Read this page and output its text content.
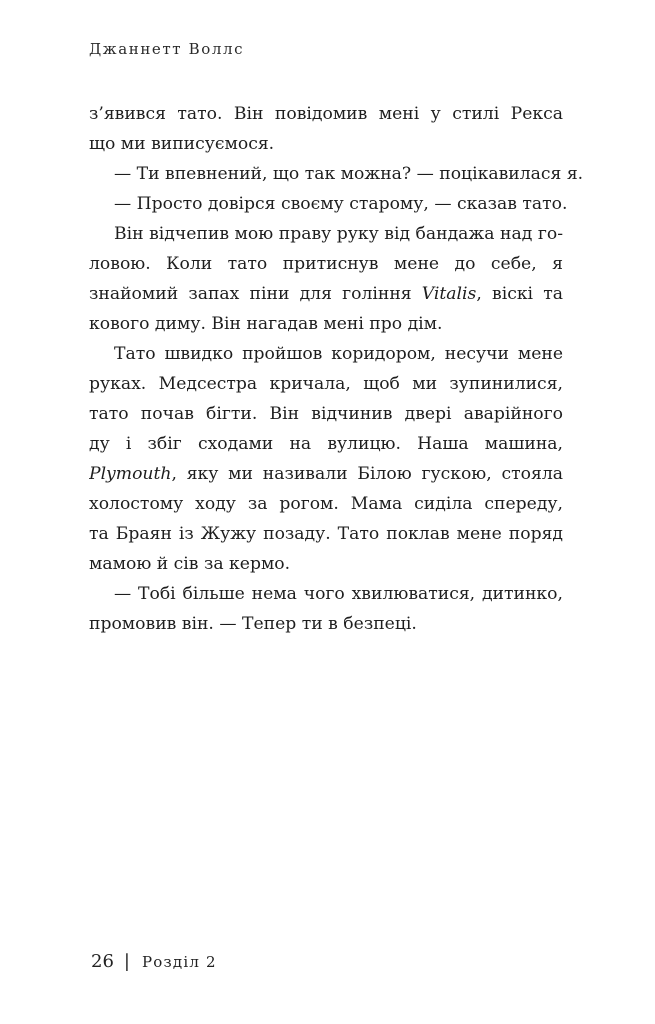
Джаннетт Воллс
з’явився тато. Він повідомив мені у стилі Рекса
що ми виписуємося.
— Ти впевнений, що так можна? — поцікавилася я.
— Просто довірся своєму старому, — сказав тато.
Він відчепив мою праву руку від бандажа над го-
ловою. Коли тато притиснув мене до себе, я
знайомий запах піни для гоління Vitalis, віскі та
кового диму. Він нагадав мені про дім.
Тато швидко пройшов коридором, несучи мене
руках. Медсестра кричала, щоб ми зупинилися,
тато почав бігти. Він відчинив двері аварійного
ду і збіг сходами на вулицю. Наша машина,
Plymouth, яку ми називали Білою гускою, стояла
холостому ходу за рогом. Мама сиділа спереду,
та Браян із Жужу позаду. Тато поклав мене поряд
мамою й сів за кермо.
— Тобі більше нема чого хвилюватися, дитинко,
промовив він. — Тепер ти в безпеці.
26 | Розділ 2
